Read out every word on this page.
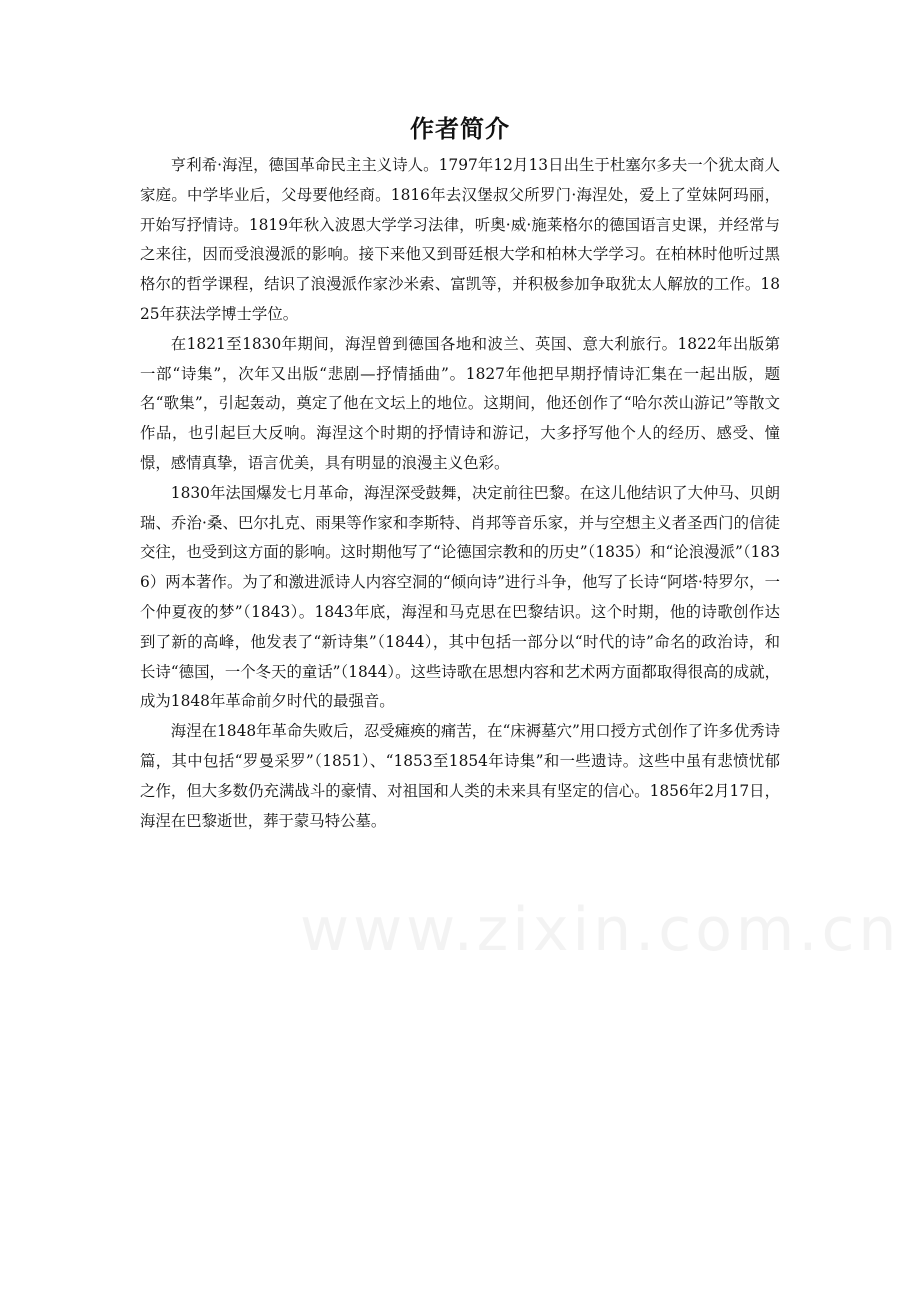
作者简介

亨利希·海涅，德国革命民主主义诗人。1797年12月13日出生于杜塞尔多夫一个犹太商人家庭。中学毕业后，父母要他经商。1816年去汉堡叔父所罗门·海涅处，爱上了堂妹阿玛丽，开始写抒情诗。1819年秋入波恩大学学习法律，听奥·威·施莱格尔的德国语言史课，并经常与之来往，因而受浪漫派的影响。接下来他又到哥廷根大学和柏林大学学习。在柏林时他听过黑格尔的哲学课程，结识了浪漫派作家沙米索、富凯等，并积极参加争取犹太人解放的工作。1825年获法学博士学位。

在1821至1830年期间，海涅曾到德国各地和波兰、英国、意大利旅行。1822年出版第一部“诗集”，次年又出版“悲剧—抒情插曲”。1827年他把早期抒情诗汇集在一起出版，题名“歌集”，引起轰动，奠定了他在文坛上的地位。这期间，他还创作了“哈尔茨山游记”等散文作品，也引起巨大反响。海涅这个时期的抒情诗和游记，大多抒写他个人的经历、感受、憧憬，感情真挚，语言优美，具有明显的浪漫主义色彩。

1830年法国爆发七月革命，海涅深受鼓舞，决定前往巴黎。在这儿他结识了大仲马、贝朗瑞、乔治·桑、巴尔扎克、雨果等作家和李斯特、肖邦等音乐家，并与空想主义者圣西门的信徒交往，也受到这方面的影响。这时期他写了“论德国宗教和的历史”（1835）和“论浪漫派”（1836）两本著作。为了和激进派诗人内容空洞的“倾向诗”进行斗争，他写了长诗“阿塔·特罗尔，一个仲夏夜的梦”（1843）。1843年底，海涅和马克思在巴黎结识。这个时期，他的诗歌创作达到了新的高峰，他发表了“新诗集”（1844），其中包括一部分以“时代的诗”命名的政治诗，和长诗“德国，一个冬天的童话”（1844）。这些诗歌在思想内容和艺术两方面都取得很高的成就，成为1848年革命前夕时代的最强音。

海涅在1848年革命失败后，忍受瘫痪的痛苦，在“床褥墓穴”用口授方式创作了许多优秀诗篇，其中包括“罗曼采罗”（1851）、“1853至1854年诗集”和一些遗诗。这些中虽有悲愤忧郁之作，但大多数仍充满战斗的豪情、对祖国和人类的未来具有坚定的信心。1856年2月17日，海涅在巴黎逝世，葬于蒙马特公墓。

www.zixin.com.cn
